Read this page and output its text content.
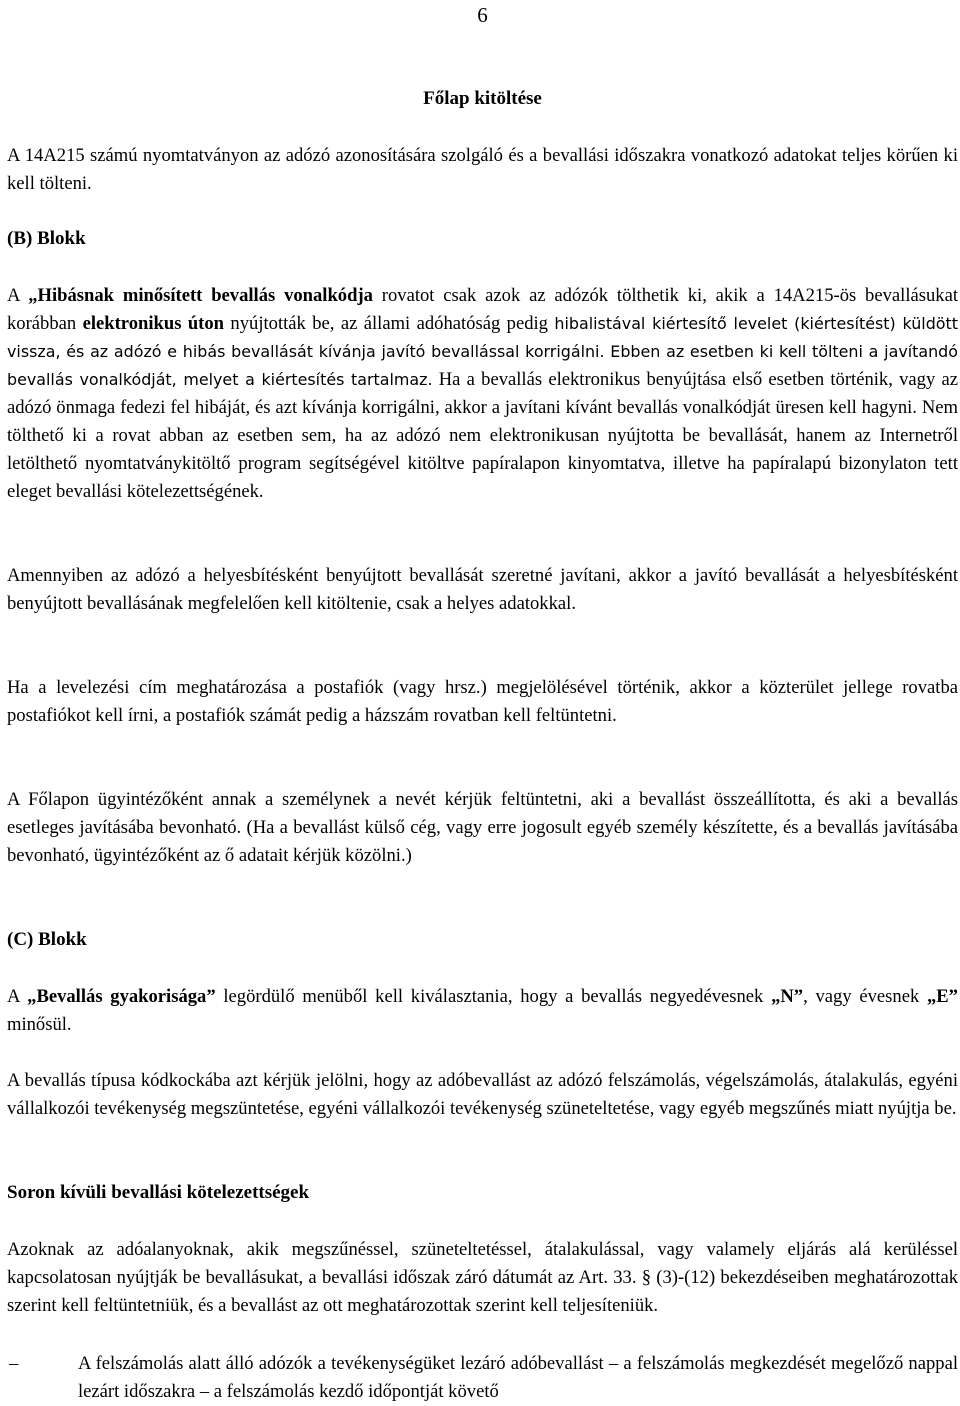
6
Főlap kitöltése
A 14A215 számú nyomtatványon az adózó azonosítására szolgáló és a bevallási időszakra vonatkozó adatokat teljes körűen ki kell tölteni.
(B) Blokk
A „Hibásnak minősített bevallás vonalkódja rovatot csak azok az adózók tölthetik ki, akik a 14A215-ös bevallásukat korábban elektronikus úton nyújtották be, az állami adóhatóság pedig hibalistával kiértesítő levelet (kiértesítést) küldött vissza, és az adózó e hibás bevallását kívánja javító bevallással korrigálni. Ebben az esetben ki kell tölteni a javítandó bevallás vonalkódját, melyet a kiértesítés tartalmaz. Ha a bevallás elektronikus benyújtása első esetben történik, vagy az adózó önmaga fedezi fel hibáját, és azt kívánja korrigálni, akkor a javítani kívánt bevallás vonalkódját üresen kell hagyni. Nem tölthető ki a rovat abban az esetben sem, ha az adózó nem elektronikusan nyújtotta be bevallását, hanem az Internetről letölthető nyomtatványkitöltő program segítségével kitöltve papíralapon kinyomtatva, illetve ha papíralapú bizonylaton tett eleget bevallási kötelezettségének.
Amennyiben az adózó a helyesbítésként benyújtott bevallását szeretné javítani, akkor a javító bevallását a helyesbítésként benyújtott bevallásának megfelelően kell kitöltenie, csak a helyes adatokkal.
Ha a levelezési cím meghatározása a postafiók (vagy hrsz.) megjelölésével történik, akkor a közterület jellege rovatba postafiókot kell írni, a postafiók számát pedig a házszám rovatban kell feltüntetni.
A Főlapon ügyintézőként annak a személynek a nevét kérjük feltüntetni, aki a bevallást összeállította, és aki a bevallás esetleges javításába bevonható. (Ha a bevallást külső cég, vagy erre jogosult egyéb személy készítette, és a bevallás javításába bevonható, ügyintézőként az ő adatait kérjük közölni.)
(C) Blokk
A „Bevallás gyakorisága” legördülő menüből kell kiválasztania, hogy a bevallás negyedévesnek „N”, vagy évesnek „E” minősül.
A bevallás típusa kódkockába azt kérjük jelölni, hogy az adóbevallást az adózó felszámolás, végelszámolás, átalakulás, egyéni vállalkozói tevékenység megszüntetése, egyéni vállalkozói tevékenység szüneteltetése, vagy egyéb megszűnés miatt nyújtja be.
Soron kívüli bevallási kötelezettségek
Azoknak az adóalanyoknak, akik megszűnéssel, szüneteltetéssel, átalakulással, vagy valamely eljárás alá kerüléssel kapcsolatosan nyújtják be bevallásukat, a bevallási időszak záró dátumát az Art. 33. § (3)-(12) bekezdéseiben meghatározottak szerint kell feltüntetniük, és a bevallást az ott meghatározottak szerint kell teljesíteniük.
–	A felszámolás alatt álló adózók a tevékenységüket lezáró adóbevallást – a felszámolás megkezdését megelőző nappal lezárt időszakra – a felszámolás kezdő időpontját követő
